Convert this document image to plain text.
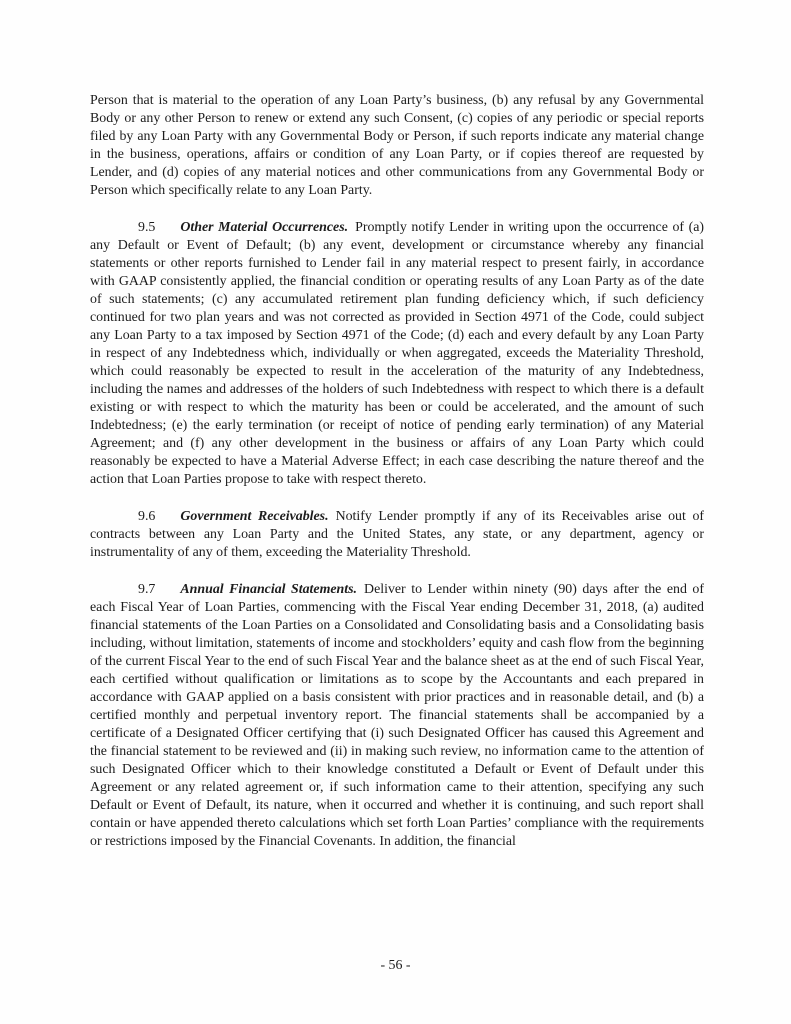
Person that is material to the operation of any Loan Party’s business, (b) any refusal by any Governmental Body or any other Person to renew or extend any such Consent, (c) copies of any periodic or special reports filed by any Loan Party with any Governmental Body or Person, if such reports indicate any material change in the business, operations, affairs or condition of any Loan Party, or if copies thereof are requested by Lender, and (d) copies of any material notices and other communications from any Governmental Body or Person which specifically relate to any Loan Party.

9.5 Other Material Occurrences. Promptly notify Lender in writing upon the occurrence of (a) any Default or Event of Default; (b) any event, development or circumstance whereby any financial statements or other reports furnished to Lender fail in any material respect to present fairly, in accordance with GAAP consistently applied, the financial condition or operating results of any Loan Party as of the date of such statements; (c) any accumulated retirement plan funding deficiency which, if such deficiency continued for two plan years and was not corrected as provided in Section 4971 of the Code, could subject any Loan Party to a tax imposed by Section 4971 of the Code; (d) each and every default by any Loan Party in respect of any Indebtedness which, individually or when aggregated, exceeds the Materiality Threshold, which could reasonably be expected to result in the acceleration of the maturity of any Indebtedness, including the names and addresses of the holders of such Indebtedness with respect to which there is a default existing or with respect to which the maturity has been or could be accelerated, and the amount of such Indebtedness; (e) the early termination (or receipt of notice of pending early termination) of any Material Agreement; and (f) any other development in the business or affairs of any Loan Party which could reasonably be expected to have a Material Adverse Effect; in each case describing the nature thereof and the action that Loan Parties propose to take with respect thereto.

9.6 Government Receivables. Notify Lender promptly if any of its Receivables arise out of contracts between any Loan Party and the United States, any state, or any department, agency or instrumentality of any of them, exceeding the Materiality Threshold.

9.7 Annual Financial Statements. Deliver to Lender within ninety (90) days after the end of each Fiscal Year of Loan Parties, commencing with the Fiscal Year ending December 31, 2018, (a) audited financial statements of the Loan Parties on a Consolidated and Consolidating basis and a Consolidating basis including, without limitation, statements of income and stockholders’ equity and cash flow from the beginning of the current Fiscal Year to the end of such Fiscal Year and the balance sheet as at the end of such Fiscal Year, each certified without qualification or limitations as to scope by the Accountants and each prepared in accordance with GAAP applied on a basis consistent with prior practices and in reasonable detail, and (b) a certified monthly and perpetual inventory report. The financial statements shall be accompanied by a certificate of a Designated Officer certifying that (i) such Designated Officer has caused this Agreement and the financial statement to be reviewed and (ii) in making such review, no information came to the attention of such Designated Officer which to their knowledge constituted a Default or Event of Default under this Agreement or any related agreement or, if such information came to their attention, specifying any such Default or Event of Default, its nature, when it occurred and whether it is continuing, and such report shall contain or have appended thereto calculations which set forth Loan Parties’ compliance with the requirements or restrictions imposed by the Financial Covenants. In addition, the financial

- 56 -
